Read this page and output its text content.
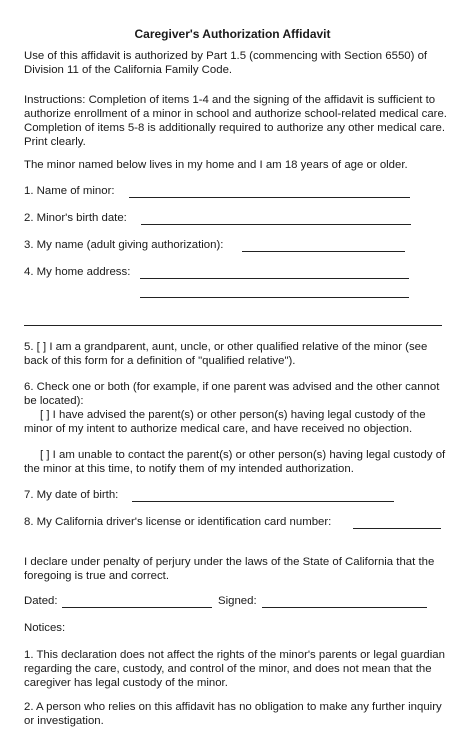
Caregiver's Authorization Affidavit

Use of this affidavit is authorized by Part 1.5 (commencing with Section 6550) of Division 11 of the California Family Code.

Instructions: Completion of items 1-4 and the signing of the affidavit is sufficient to authorize enrollment of a minor in school and authorize school-related medical care. Completion of items 5-8 is additionally required to authorize any other medical care. Print clearly.

The minor named below lives in my home and I am 18 years of age or older.

1. Name of minor:
2. Minor's birth date:
3. My name (adult giving authorization):
4. My home address:

5. [ ] I am a grandparent, aunt, uncle, or other qualified relative of the minor (see back of this form for a definition of "qualified relative").

6. Check one or both (for example, if one parent was advised and the other cannot be located):

[ ] I have advised the parent(s) or other person(s) having legal custody of the minor of my intent to authorize medical care, and have received no objection.

[ ] I am unable to contact the parent(s) or other person(s) having legal custody of the minor at this time, to notify them of my intended authorization.

7. My date of birth:
8. My California driver's license or identification card number:

I declare under penalty of perjury under the laws of the State of California that the foregoing is true and correct.

Dated:	Signed:
Notices:

1. This declaration does not affect the rights of the minor's parents or legal guardian regarding the care, custody, and control of the minor, and does not mean that the caregiver has legal custody of the minor.

2. A person who relies on this affidavit has no obligation to make any further inquiry or investigation.
